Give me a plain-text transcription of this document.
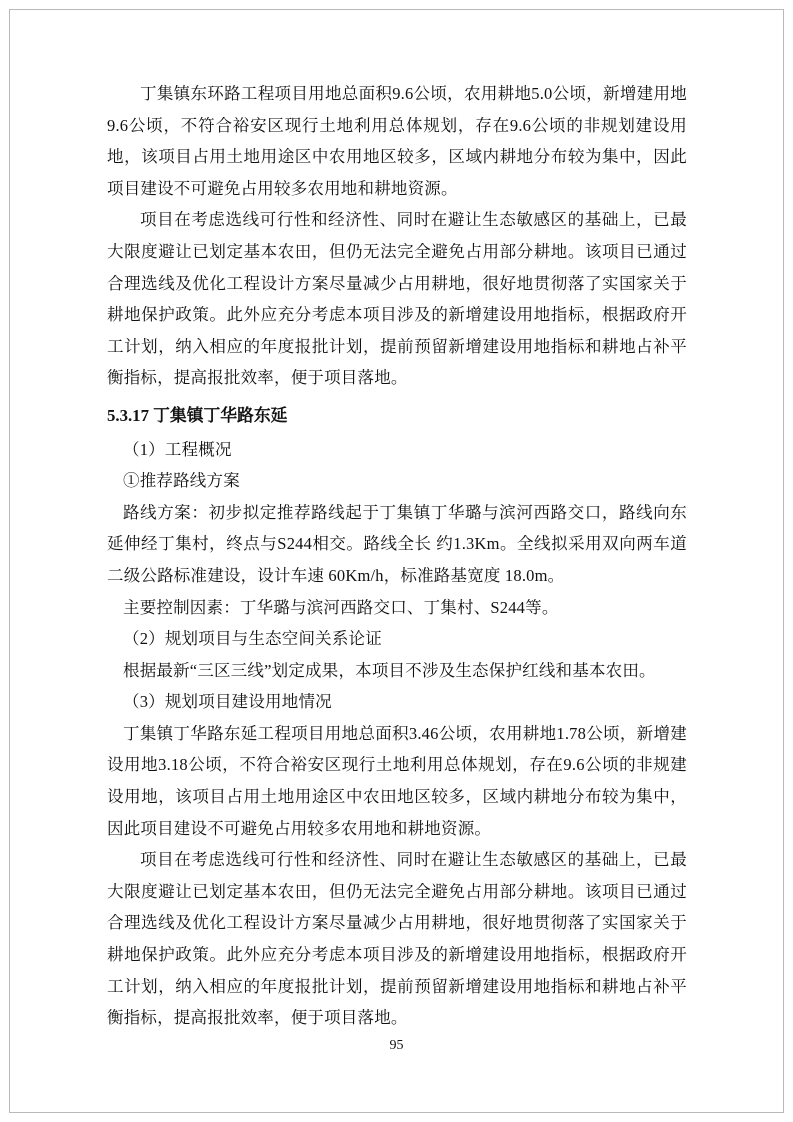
丁集镇东环路工程项目用地总面积9.6公顷，农用耕地5.0公顷，新增建用地9.6公顷，不符合裕安区现行土地利用总体规划，存在9.6公顷的非规划建设用地，该项目占用土地用途区中农用地区较多，区域内耕地分布较为集中，因此项目建设不可避免占用较多农用地和耕地资源。

项目在考虑选线可行性和经济性、同时在避让生态敏感区的基础上，已最大限度避让已划定基本农田，但仍无法完全避免占用部分耕地。该项目已通过合理选线及优化工程设计方案尽量减少占用耕地，很好地贯彻落了实国家关于耕地保护政策。此外应充分考虑本项目涉及的新增建设用地指标，根据政府开工计划，纳入相应的年度报批计划，提前预留新增建设用地指标和耕地占补平衡指标，提高报批效率，便于项目落地。

5.3.17 丁集镇丁华路东延

（1）工程概况

①推荐路线方案

路线方案：初步拟定推荐路线起于丁集镇丁华璐与滨河西路交口，路线向东延伸经丁集村，终点与S244相交。路线全长 约1.3Km。全线拟采用双向两车道二级公路标准建设，设计车速 60Km/h，标准路基宽度 18.0m。

主要控制因素：丁华璐与滨河西路交口、丁集村、S244等。

（2）规划项目与生态空间关系论证

根据最新“三区三线”划定成果，本项目不涉及生态保护红线和基本农田。

（3）规划项目建设用地情况

丁集镇丁华路东延工程项目用地总面积3.46公顷，农用耕地1.78公顷，新增建设用地3.18公顷，不符合裕安区现行土地利用总体规划，存在9.6公顷的非规建设用地，该项目占用土地用途区中农田地区较多，区域内耕地分布较为集中，因此项目建设不可避免占用较多农用地和耕地资源。

项目在考虑选线可行性和经济性、同时在避让生态敏感区的基础上，已最大限度避让已划定基本农田，但仍无法完全避免占用部分耕地。该项目已通过合理选线及优化工程设计方案尽量减少占用耕地，很好地贯彻落了实国家关于耕地保护政策。此外应充分考虑本项目涉及的新增建设用地指标，根据政府开工计划，纳入相应的年度报批计划，提前预留新增建设用地指标和耕地占补平衡指标，提高报批效率，便于项目落地。

95
